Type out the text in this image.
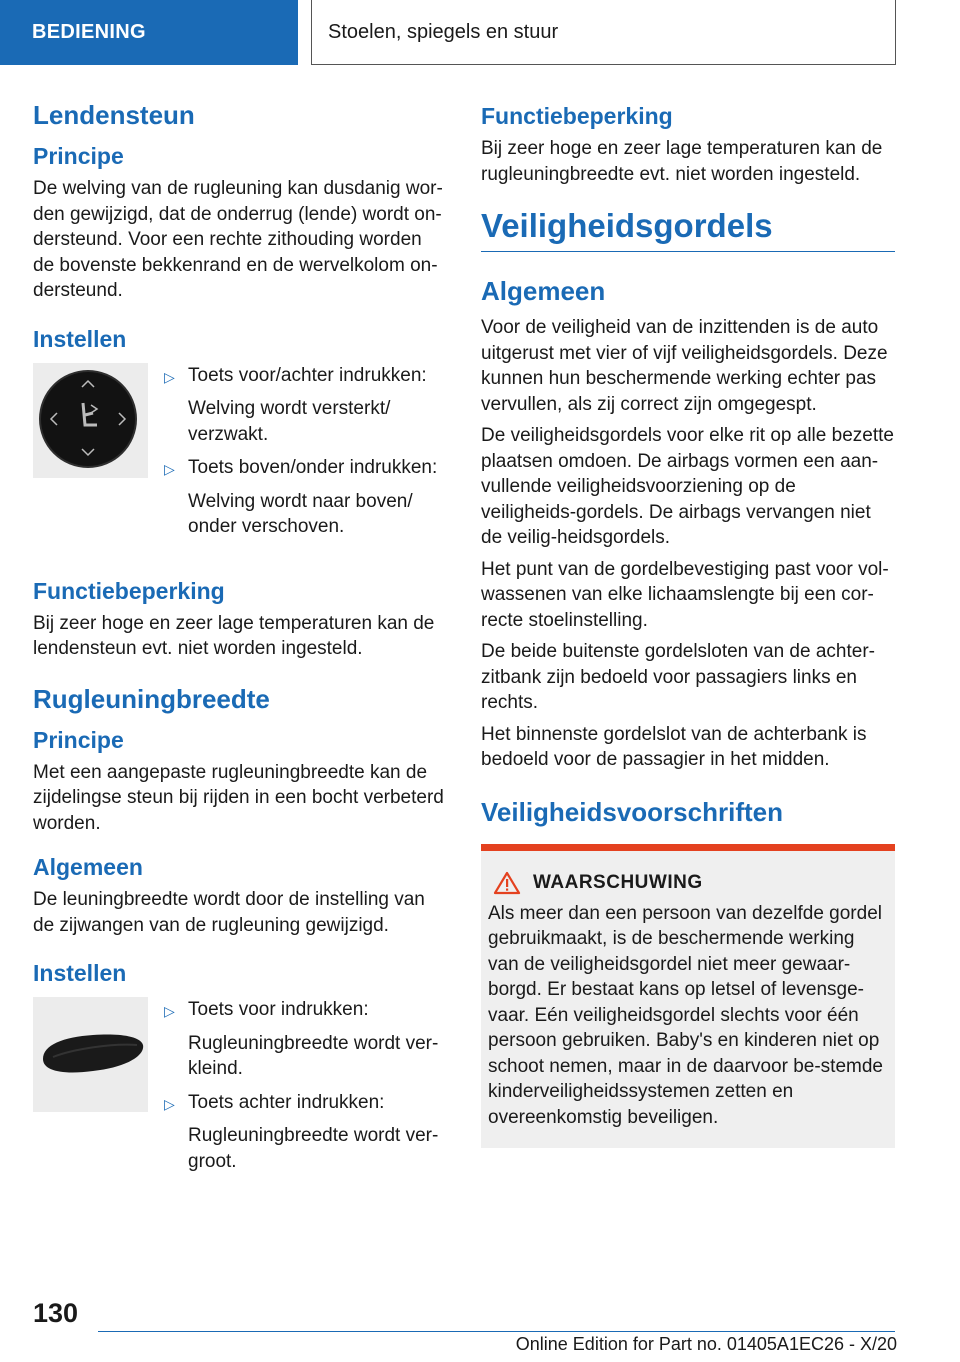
BEDIENING	Stoelen, spiegels en stuur
Lendensteun
Principe

De welving van de rugleuning kan dusdanig wor-den gewijzigd, dat de onderrug (lende) wordt on-dersteund. Voor een rechte zithouding worden de bovenste bekkenrand en de wervelkolom on-dersteund.

Instellen
▷ Toets voor/achter indrukken:
Welving wordt versterkt/ verzwakt.
▷ Toets boven/onder indrukken:
Welving wordt naar boven/ onder verschoven.
Functiebeperking

Bij zeer hoge en zeer lage temperaturen kan de lendensteun evt. niet worden ingesteld.

Rugleuningbreedte
Principe

Met een aangepaste rugleuningbreedte kan de zijdelingse steun bij rijden in een bocht verbeterd worden.

Algemeen

De leuningbreedte wordt door de instelling van de zijwangen van de rugleuning gewijzigd.

Instellen
▷ Toets voor indrukken:
Rugleuningbreedte wordt ver-kleind.
▷ Toets achter indrukken:
Rugleuningbreedte wordt ver-groot.
Functiebeperking

Bij zeer hoge en zeer lage temperaturen kan de rugleuningbreedte evt. niet worden ingesteld.

Veiligheidsgordels
Algemeen

Voor de veiligheid van de inzittenden is de auto uitgerust met vier of vijf veiligheidsgordels. Deze kunnen hun beschermende werking echter pas vervullen, als zij correct zijn omgegespt.

De veiligheidsgordels voor elke rit op alle bezette plaatsen omdoen. De airbags vormen een aan-vullende veiligheidsvoorziening op de veiligheids-gordels. De airbags vervangen niet de veilig-heidsgordels.

Het punt van de gordelbevestiging past voor vol-wassenen van elke lichaamslengte bij een cor-recte stoelinstelling.

De beide buitenste gordelsloten van de achter-zitbank zijn bedoeld voor passagiers links en rechts.

Het binnenste gordelslot van de achterbank is bedoeld voor de passagier in het midden.

Veiligheidsvoorschriften
WAARSCHUWING

Als meer dan een persoon van dezelfde gordel gebruikmaakt, is de beschermende werking van de veiligheidsgordel niet meer gewaar-borgd. Er bestaat kans op letsel of levensge-vaar. Eén veiligheidsgordel slechts voor één persoon gebruiken. Baby's en kinderen niet op schoot nemen, maar in de daarvoor be-stemde kinderveiligheidssystemen zetten en overeenkomstig beveiligen.

130
Online Edition for Part no. 01405A1EC26 - X/20
